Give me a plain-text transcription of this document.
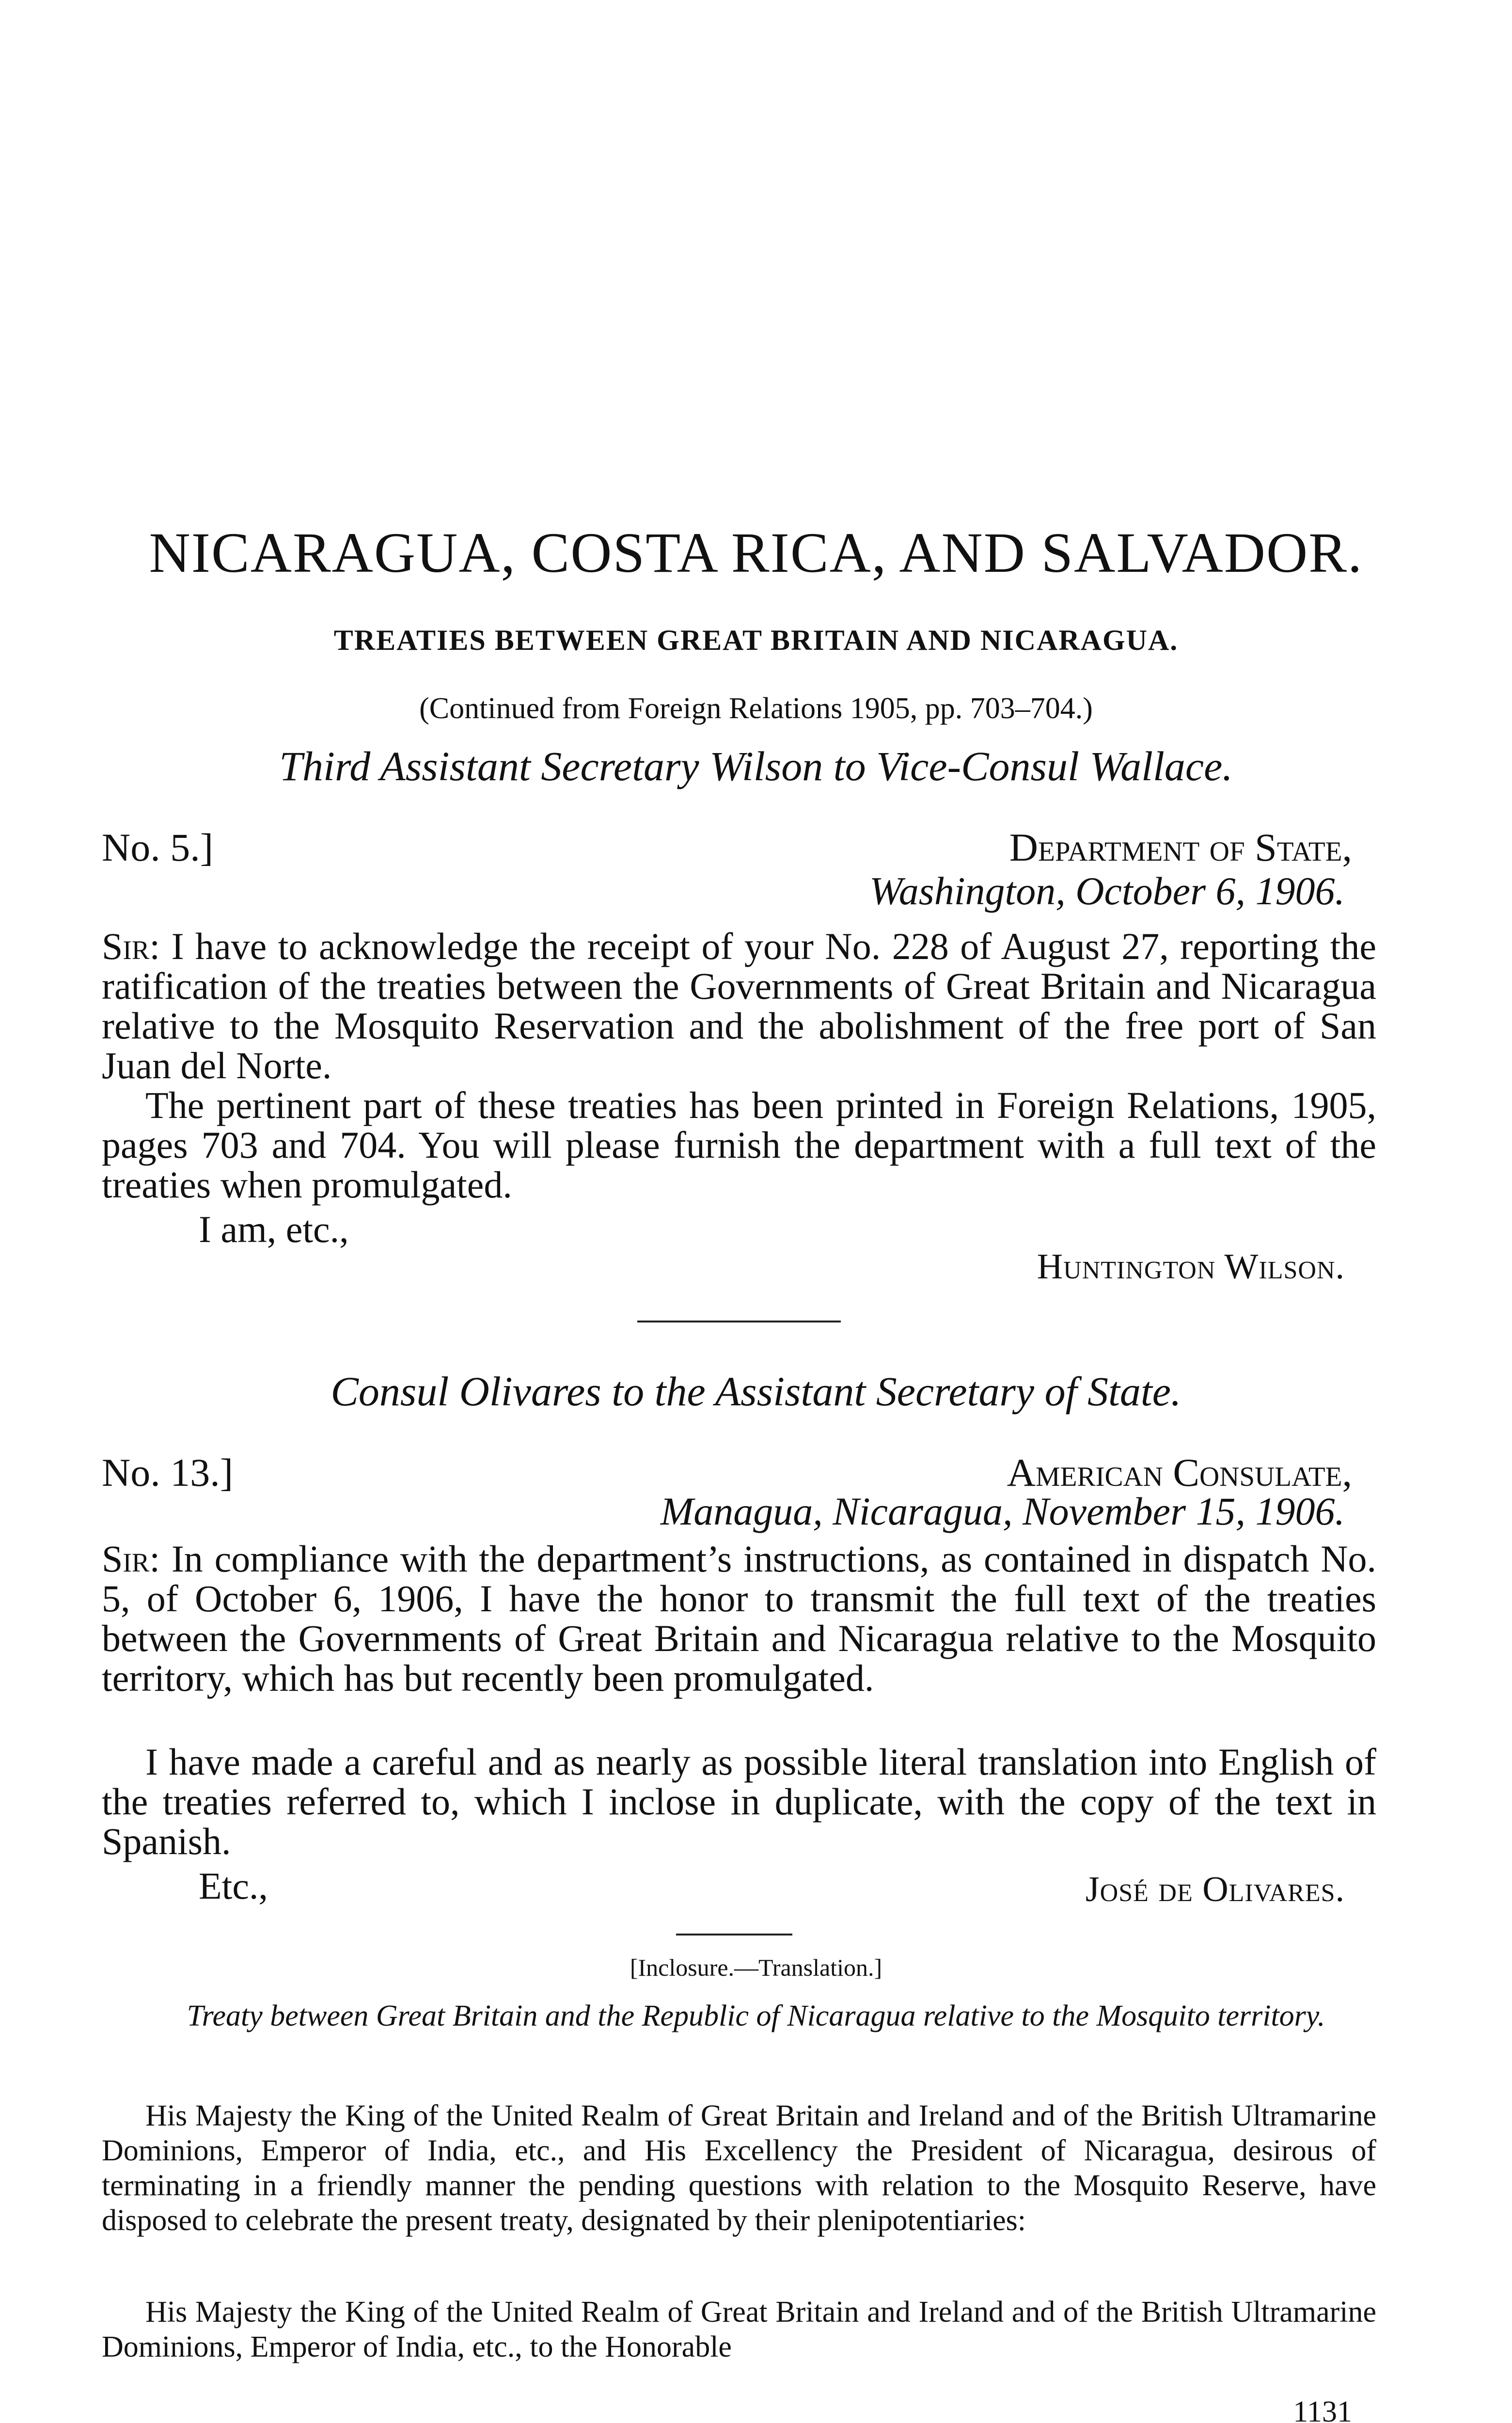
NICARAGUA, COSTA RICA, AND SALVADOR.
TREATIES BETWEEN GREAT BRITAIN AND NICARAGUA.
(Continued from Foreign Relations 1905, pp. 703–704.)
Third Assistant Secretary Wilson to Vice-Consul Wallace.
No. 5.]	Department of State,
Washington, October 6, 1906.

Sir: I have to acknowledge the receipt of your No. 228 of August 27, reporting the ratification of the treaties between the Governments of Great Britain and Nicaragua relative to the Mosquito Reservation and the abolishment of the free port of San Juan del Norte.

The pertinent part of these treaties has been printed in Foreign Relations, 1905, pages 703 and 704. You will please furnish the department with a full text of the treaties when promulgated.

I am, etc.,
Huntington Wilson.
Consul Olivares to the Assistant Secretary of State.
No. 13.]	American Consulate,
Managua, Nicaragua, November 15, 1906.

Sir: In compliance with the department’s instructions, as contained in dispatch No. 5, of October 6, 1906, I have the honor to transmit the full text of the treaties between the Governments of Great Britain and Nicaragua relative to the Mosquito territory, which has but recently been promulgated.

I have made a careful and as nearly as possible literal translation into English of the treaties referred to, which I inclose in duplicate, with the copy of the text in Spanish.

Etc.,	José de Olivares.
[Inclosure.—Translation.]
Treaty between Great Britain and the Republic of Nicaragua relative to the Mosquito territory.

His Majesty the King of the United Realm of Great Britain and Ireland and of the British Ultramarine Dominions, Emperor of India, etc., and His Excellency the President of Nicaragua, desirous of terminating in a friendly manner the pending questions with relation to the Mosquito Reserve, have disposed to celebrate the present treaty, designated by their plenipotentiaries:

His Majesty the King of the United Realm of Great Britain and Ireland and of the British Ultramarine Dominions, Emperor of India, etc., to the Honorable

1131
